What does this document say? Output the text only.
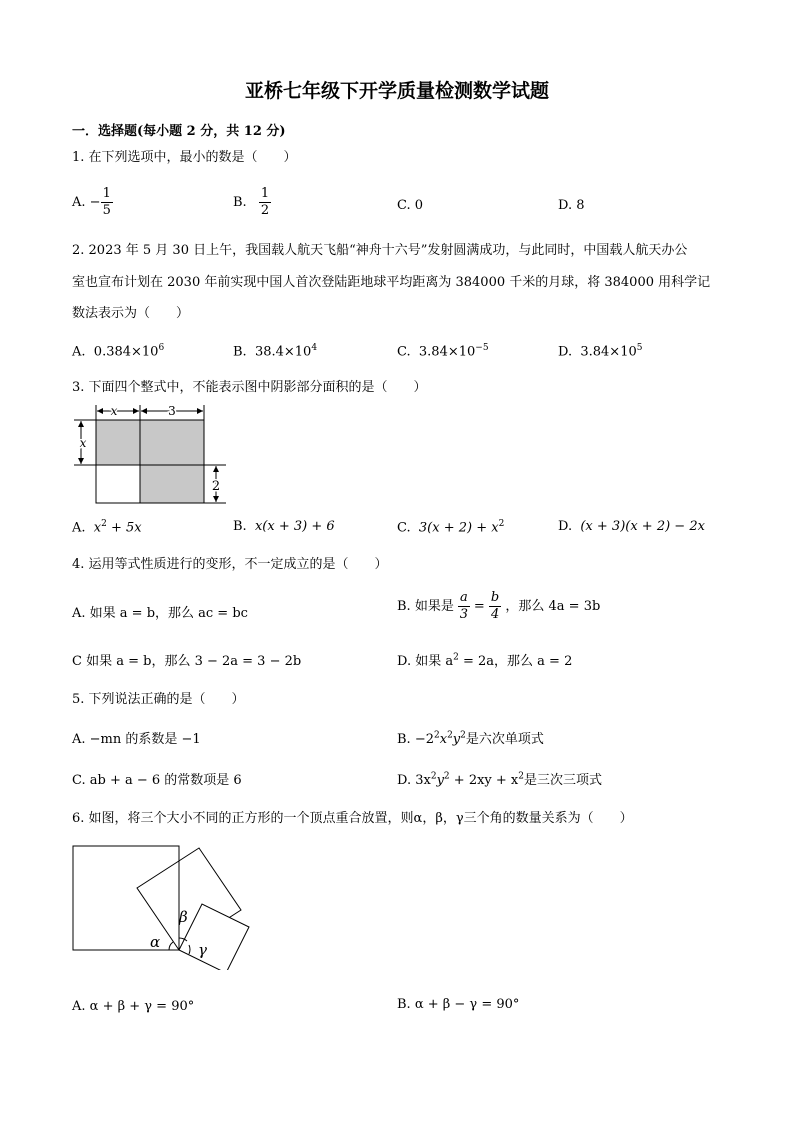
亚桥七年级下开学质量检测数学试题
一．选择题(每小题 2 分，共 12 分)
1. 在下列选项中，最小的数是（　　）
A. − $\frac{1}{5}$	B. $\frac{1}{2}$	C. 0	D. 8
2. 2023 年 5 月 30 日上午，我国载人航天飞船“神舟十六号”发射圆满成功，与此同时，中国载人航天办公
室也宣布计划在 2030 年前实现中国人首次登陆距地球平均距离为 384000 千米的月球，将 384000 用科学记
数法表示为（　　）
A. $0.384\times 10^6$	B. $38.4\times 10^4$	C. $3.84\times 10^{-5}$	D. $3.84\times 10^5$
3. 下面四个整式中，不能表示图中阴影部分面积的是（　　）
x	3
x
2
A. $x^2 + 5x$	B. x(x + 3) + 6	C. $3(x + 2) + x^2$	D. (x + 3)(x + 2) − 2x
4. 运用等式性质进行的变形，不一定成立的是（　　）
A. 如果 a = b，那么 ac = bc	B. 如果是 $\frac{a}{3} = \frac{b}{4}$ ，那么 4a = 3b
C 如果 a = b，那么 3 − 2a = 3 − 2b	D. 如果 $a^2 = 2a$，那么 a = 2
5. 下列说法正确的是（　　）
A. −mn 的系数是 −1	B. $-2^2x^2y^2$是六次单项式
C. ab + a − 6 的常数项是 6	D. $3x^2y^2 + 2xy + x^2$是三次三项式
6. 如图，将三个大小不同的正方形的一个顶点重合放置，则α，β，γ三个角的数量关系为（　　）
α
β
γ
A. α + β + γ = 90°	B. α + β − γ = 90°
